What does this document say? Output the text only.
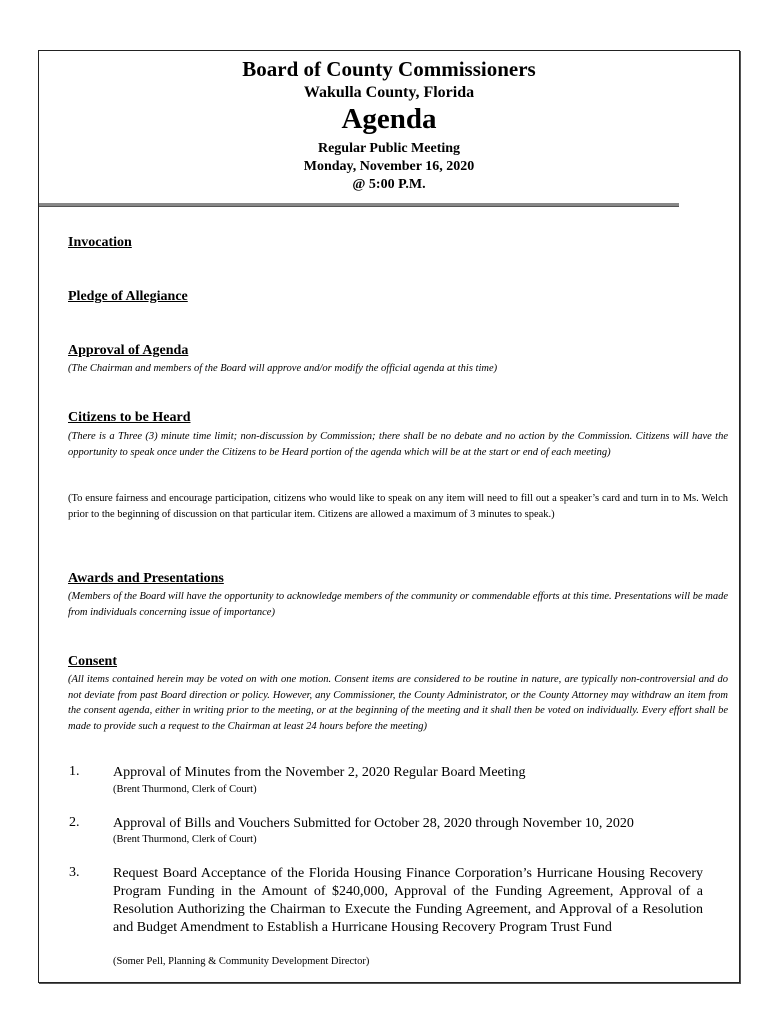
Board of County Commissioners
Wakulla County, Florida
Agenda
Regular Public Meeting
Monday, November 16, 2020
@ 5:00 P.M.
Invocation
Pledge of Allegiance
Approval of Agenda
(The Chairman and members of the Board will approve and/or modify the official agenda at this time)
Citizens to be Heard
(There is a Three (3) minute time limit; non-discussion by Commission; there shall be no debate and no action by the Commission. Citizens will have the opportunity to speak once under the Citizens to be Heard portion of the agenda which will be at the start or end of each meeting)
(To ensure fairness and encourage participation, citizens who would like to speak on any item will need to fill out a speaker’s card and turn in to Ms. Welch prior to the beginning of discussion on that particular item. Citizens are allowed a maximum of 3 minutes to speak.)
Awards and Presentations
(Members of the Board will have the opportunity to acknowledge members of the community or commendable efforts at this time. Presentations will be made from individuals concerning issue of importance)
Consent
(All items contained herein may be voted on with one motion. Consent items are considered to be routine in nature, are typically non-controversial and do not deviate from past Board direction or policy. However, any Commissioner, the County Administrator, or the County Attorney may withdraw an item from the consent agenda, either in writing prior to the meeting, or at the beginning of the meeting and it shall then be voted on individually. Every effort shall be made to provide such a request to the Chairman at least 24 hours before the meeting)
1. Approval of Minutes from the November 2, 2020 Regular Board Meeting
(Brent Thurmond, Clerk of Court)
2. Approval of Bills and Vouchers Submitted for October 28, 2020 through November 10, 2020
(Brent Thurmond, Clerk of Court)
3. Request Board Acceptance of the Florida Housing Finance Corporation’s Hurricane Housing Recovery Program Funding in the Amount of $240,000, Approval of the Funding Agreement, Approval of a Resolution Authorizing the Chairman to Execute the Funding Agreement, and Approval of a Resolution and Budget Amendment to Establish a Hurricane Housing Recovery Program Trust Fund
(Somer Pell, Planning & Community Development Director)
